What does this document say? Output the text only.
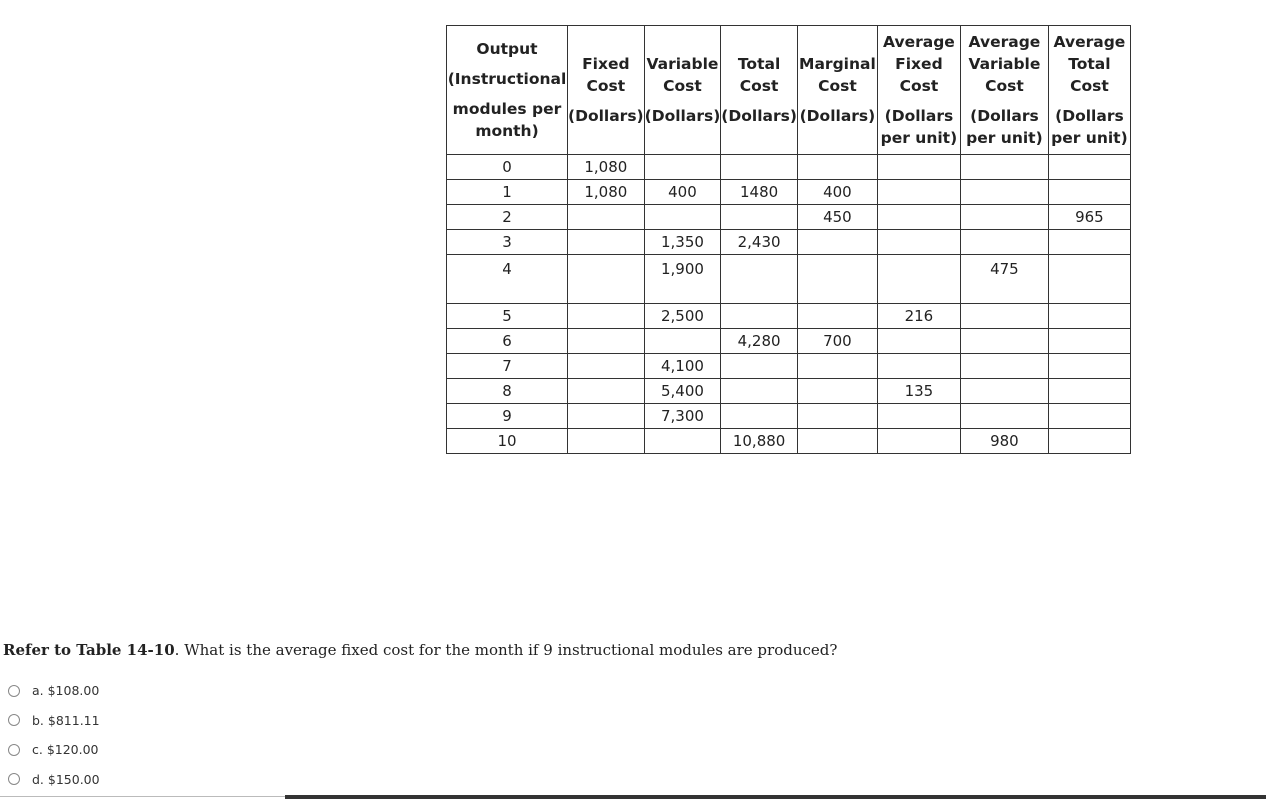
Output
(Instructional
modules per
month)	Fixed
Cost
(Dollars)	Variable
Cost
(Dollars)	Total
Cost
(Dollars)	Marginal
Cost
(Dollars)	Average
Fixed
Cost
(Dollars
per unit)	Average
Variable
Cost
(Dollars
per unit)	Average
Total Cost
(Dollars
per unit)

0	1,080						
1	1,080	400	1480	400			
2				450			965
3		1,350	2,430				
4		1,900				475	
5		2,500			216		
6			4,280	700			
7		4,100					
8		5,400			135		
9		7,300					
10			10,880			980	

Refer to Table 14-10. What is the average fixed cost for the month if 9 instructional modules are produced?

a. $108.00
b. $811.11
c. $120.00
d. $150.00
